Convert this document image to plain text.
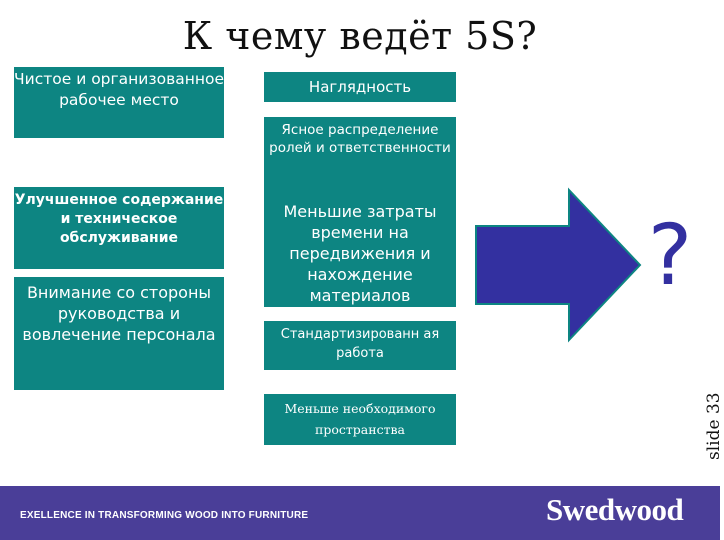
К чему ведёт 5S?
Чистое и организованное рабочее место
Улучшенное содержание и техническое обслуживание
Внимание со стороны руководства и вовлечение персонала
Наглядность
Ясное распределение ролей и ответственности
Меньшие затраты времени на передвижения и нахождение материалов
Стандартизированн ая работа
Меньше необходимого пространства
?
slide 33
EXELLENCE IN TRANSFORMING WOOD INTO FURNITURE	Swedwood
